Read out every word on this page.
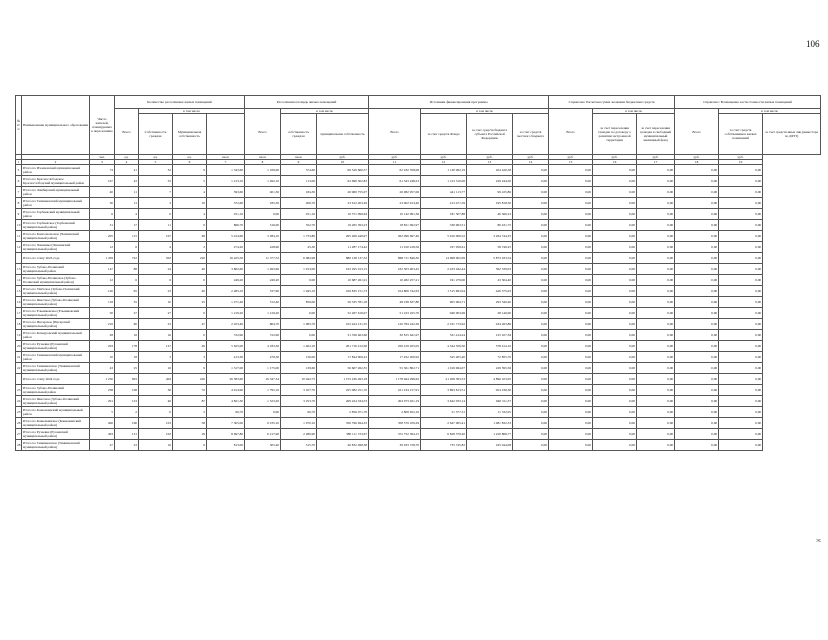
106
№ п/п	Наименование муниципального образования	Число жителей, планируемых к переселению	Количество расселяемых жилых помещений				Расселяемая площадь жилых помещений			Источники финансирования программы				Справочно: Расчетная сумма экономии бюджетных средств			Справочно: Возмещение части стоимости жилых помещений		
			Всего	в том числе			Всего	в том числе		Всего	в том числе			Всего	в том числе		Всего	в том числе	
				Собственность граждан	Муниципальная собственность			собственность граждан	муниципальная собственность		за счет средств Фонда	за счет средств бюджета субъекта Российской Федерации	за счет средств местного бюджета		за счет переселения граждан по договору о развитии застроенной территории	за счет переселения граждан в свободный муниципальный жилищный фонд		за счет средств собственников жилых помещений	за счет средств иных лиц (инвестора по ДРЗТ)
		чел.	ед.	ед.	ед.	кв.м	кв.м	кв.м	руб.	руб.	руб.	руб.	руб.	руб.	руб.	руб.	руб.	руб.	
1	2	3	4	5	6	7	8	9	10	11	12	13	14	15	16	17	18	19	
5	Итого по Ичалковский муниципальный район	74	41	32	9	1 343,60	1 169,00	374,60	69 529 660,57	62 182 558,06	1 140 992,19	204 420,58	0,00	0,00	0,00	0,00	0,00	0,00	
6	Итого по Краснослободское Краснослободский муниципальный район	107	43	33	5	1 213,10	1 492,10	113,00	62 696 302,83	61 343 248,23	1 123 310,06	229 244,50	0,00	0,00	0,00	0,00	0,00	0,00	
7	Итого по Лямбирский муниципальный район	40	11	7	4	593,60	401,30	184,30	26 960 755,07	26 082 957,06	441 113,77	99 225,86	0,00	0,00	0,00	0,00	0,00	0,00	
8	Итого по Темниковский муниципальный район	30	13	3	10	372,60	185,30	206,70	23 612 203,29	23 002 913,40	413 471,59	195 818,30	0,00	0,00	0,00	0,00	0,00	0,00	
9	Итого по Торбеевский муниципальный район	6	4	0	4	251,10	0,00	251,10	10 371 099,64	10 142 991,36	181 507,88	46 560,23	0,00	0,00	0,00	0,00	0,00	0,00	
10	Итого по Торбеевское (Торбеевский муниципальный район)	31	17	11	6	866,70	516,00	352,70	19 265 393,23	18 821 992,97	336 963,51	86 431,75	0,00	0,00	0,00	0,00	0,00	0,00	
11	Итого по Комсомольское (Чамзинский муниципальный район)	205	115	107	48	5 014,90	3 284,10	1 733,80	265 206 449,97	262 096 697,40	5 610 006,52	3 264 744,35	0,00	0,00	0,00	0,00	0,00	0,00	
12	Итого по Чамзинка (Чамзинский муниципальный район)	12	6	4	2	274,20	228,90	45,30	11 287 174,42	11 010 418,56	197 056,61	58 749,25	0,00	0,00	0,00	0,00	0,00	0,00	
	Итого по этапу 2023 года	1 459	722	502	220	16 425,50	11 377,52	6 082,96	880 128 137,32	868 711 846,30	14 698 002,09	5 873 033,54	0,00	0,00	0,00	0,00	0,00	0,00	
13	Итого по Зубово-Полянский муниципальный район	147	88	24	40	3 862,60	1 493,60	1 913,00	163 295 013,15	162 303 403,45	2 433 042,44	362 339,03	0,00	0,00	0,00	0,00	0,00	0,00	
14	Итого по Зубово-Полянское (Зубово-Полянский муниципальный район)	12	6	6	0	249,20	249,20	0,00	10 687 261,91	10 482 257,21	191 279,00	43 504,40	0,00	0,00	0,00	0,00	0,00	0,00	
15	Итого по Умётское (Зубово-Полянский муниципальный район)	120	65	23	40	2 483,10	537,90	1 945,10	106 835 151,73	104 806 742,63	1 515 693,04	426 575,03	0,00	0,00	0,00	0,00	0,00	0,00	
16	Итого по Явасское (Зубово-Полянский муниципальный район)	118	35	10	25	1 271,40	512,40	859,00	56 335 781,18	48 238 637,80	905 964,71	293 340,40	0,00	0,00	0,00	0,00	0,00	0,00	
17	Итого по Ельниковское (Ельниковский муниципальный район)	50	27	27	0	1 219,20	1 219,20	0,00	52 267 619,07	51 223 165,70	946 003,06	28 140,00	0,00	0,00	0,00	0,00	0,00	0,00	
18	Итого по Инсарское (Инсарский муниципальный район)	216	60	23	47	2 453,40	864,70	1 083,70	102 424 131,35	120 784 242,36	2 191 713,92	434 263,86	0,00	0,00	0,00	0,00	0,00	0,00	
19	Итого по Кочкуровский муниципальный район	28	16	16	0	722,90	722,90	0,00	31 336 463,60	30 815 641,97	521 414,24	125 107,39	0,00	0,00	0,00	0,00	0,00	0,00	
20	Итого по Рузаевка (Рузаевский муниципальный район)	203	178	127	49	5 625,00	4 183,30	1 402,10	261 716 212,00	256 419 025,05	4 344 556,50	378 414,10	0,00	0,00	0,00	0,00	0,00	0,00	
21	Итого по Темниковский муниципальный район	10	18	3	3	413,30	276,50	130,00	17 844 909,22	17 452 200,92	325 405,40	72 855,70	0,00	0,00	0,00	0,00	0,00	0,00	
22	Итого по Темниковское (Темниковский муниципальный район)	43	25	16	9	1 317,00	1 175,00	139,60	56 607 262,35	55 361 802,71	1 016 064,07	229 395,56	0,00	0,00	0,00	0,00	0,00	0,00	
	Итого по этапу 2024 года	1 250	693	404	220	26 383,60	16 347,34	10 042,75	1 155 436 493,18	1 178 464 298,62	21 208 393,53	4 896 103,05	0,00	0,00	0,00	0,00	0,00	0,00	
23	Итого по Зубово-Полянский муниципальный район	238	108	36	72	4 914,90	1 795,10	3 107,70	225 082 251,70	221 234 157,91	3 893 813,51	954 236,36	0,00	0,00	0,00	0,00	0,00	0,00	
24	Итого по Явасское (Зубово-Полянский муниципальный район)	201	123	46	87	4 821,30	1 523,20	3 253,70	209 424 334,53	204 073 021,19	3 642 033,14	946 311,37	0,00	0,00	0,00	0,00	0,00	0,00	
25	Итого по Ковылкинский муниципальный район	5	2	0	2	66,70	0,00	66,70	2 856 071,76	2 809 652,16	51 377,51	11 532,05	0,00	0,00	0,00	0,00	0,00	0,00	
26	Итого по Ковылкинское (Ковылкинский муниципальный район)	400	160	103	58	7 305,00	6 235,10	1 070,10	356 796 494,35	358 579 109,29	2 647 065,41	1 081 832,33	0,00	0,00	0,00	0,00	0,00	0,00	
27	Итого по Рузаевка (Рузаевский муниципальный район)	463	131	102	29	8 697,80	6 217,90	2 280,90	380 111 723,67	372 752 394,15	6 828 379,20	1 220 866,77	0,00	0,00	0,00	0,00	0,00	0,00	
28	Итого по Темниковское (Темниковский муниципальный район)	27	23	16	9	813,00	505,40	315,70	40 832 498,38	36 933 728,70	733 745,82	165 044,08	0,00	0,00	0,00	0,00	0,00	0,00	
ЭС
